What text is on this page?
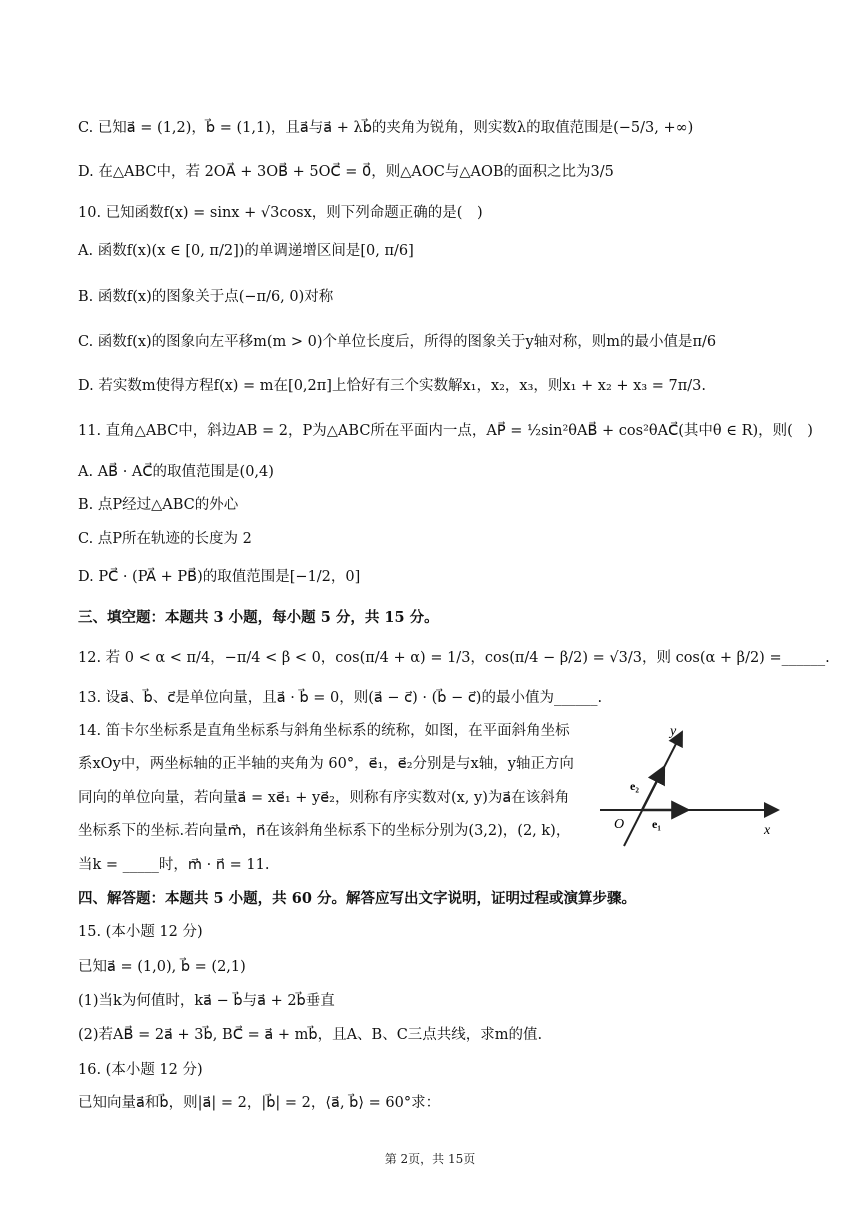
C. 已知a⃗ = (1,2)，b⃗ = (1,1)，且a⃗与a⃗ + λb⃗的夹角为锐角，则实数λ的取值范围是(−5/3, +∞)
D. 在△ABC中，若 2OA⃗ + 3OB⃗ + 5OC⃗ = 0⃗，则△AOC与△AOB的面积之比为3/5
10. 已知函数f(x) = sinx + √3cosx，则下列命题正确的是(　)
A. 函数f(x)(x ∈ [0, π/2])的单调递增区间是[0, π/6]
B. 函数f(x)的图象关于点(−π/6, 0)对称
C. 函数f(x)的图象向左平移m(m > 0)个单位长度后，所得的图象关于y轴对称，则m的最小值是π/6
D. 若实数m使得方程f(x) = m在[0,2π]上恰好有三个实数解x₁，x₂，x₃，则x₁ + x₂ + x₃ = 7π/3.
11. 直角△ABC中，斜边AB = 2，P为△ABC所在平面内一点，AP⃗ = ½sin²θAB⃗ + cos²θAC⃗(其中θ ∈ R)，则(　)
A. AB⃗ · AC⃗的取值范围是(0,4)
B. 点P经过△ABC的外心
C. 点P所在轨迹的长度为 2
D. PC⃗ · (PA⃗ + PB⃗)的取值范围是[−1/2，0]
三、填空题：本题共 3 小题，每小题 5 分，共 15 分。
12. 若 0 < α < π/4，−π/4 < β < 0，cos(π/4 + α) = 1/3，cos(π/4 − β/2) = √3/3，则 cos(α + β/2) =______.
13. 设a⃗、b⃗、c⃗是单位向量，且a⃗ · b⃗ = 0，则(a⃗ − c⃗) · (b⃗ − c⃗)的最小值为______.
14. 笛卡尔坐标系是直角坐标系与斜角坐标系的统称，如图，在平面斜角坐标
系xOy中，两坐标轴的正半轴的夹角为 60°，e⃗₁，e⃗₂分别是与x轴，y轴正方向
同向的单位向量，若向量a⃗ = xe⃗₁ + ye⃗₂，则称有序实数对(x, y)为a⃗在该斜角
坐标系下的坐标.若向量m⃗，n⃗在该斜角坐标系下的坐标分别为(3,2)，(2, k)，
当k = _____时，m⃗ · n⃗ = 11.
四、解答题：本题共 5 小题，共 60 分。解答应写出文字说明，证明过程或演算步骤。
15. (本小题 12 分)
已知a⃗ = (1,0), b⃗ = (2,1)
(1)当k为何值时，ka⃗ − b⃗与a⃗ + 2b⃗垂直
(2)若AB⃗ = 2a⃗ + 3b⃗, BC⃗ = a⃗ + mb⃗，且A、B、C三点共线，求m的值.
16. (本小题 12 分)
已知向量a⃗和b⃗，则|a⃗| = 2，|b⃗| = 2，⟨a⃗, b⃗⟩ = 60°求：
y
x
O e₁
e₂
第 2页，共 15页
